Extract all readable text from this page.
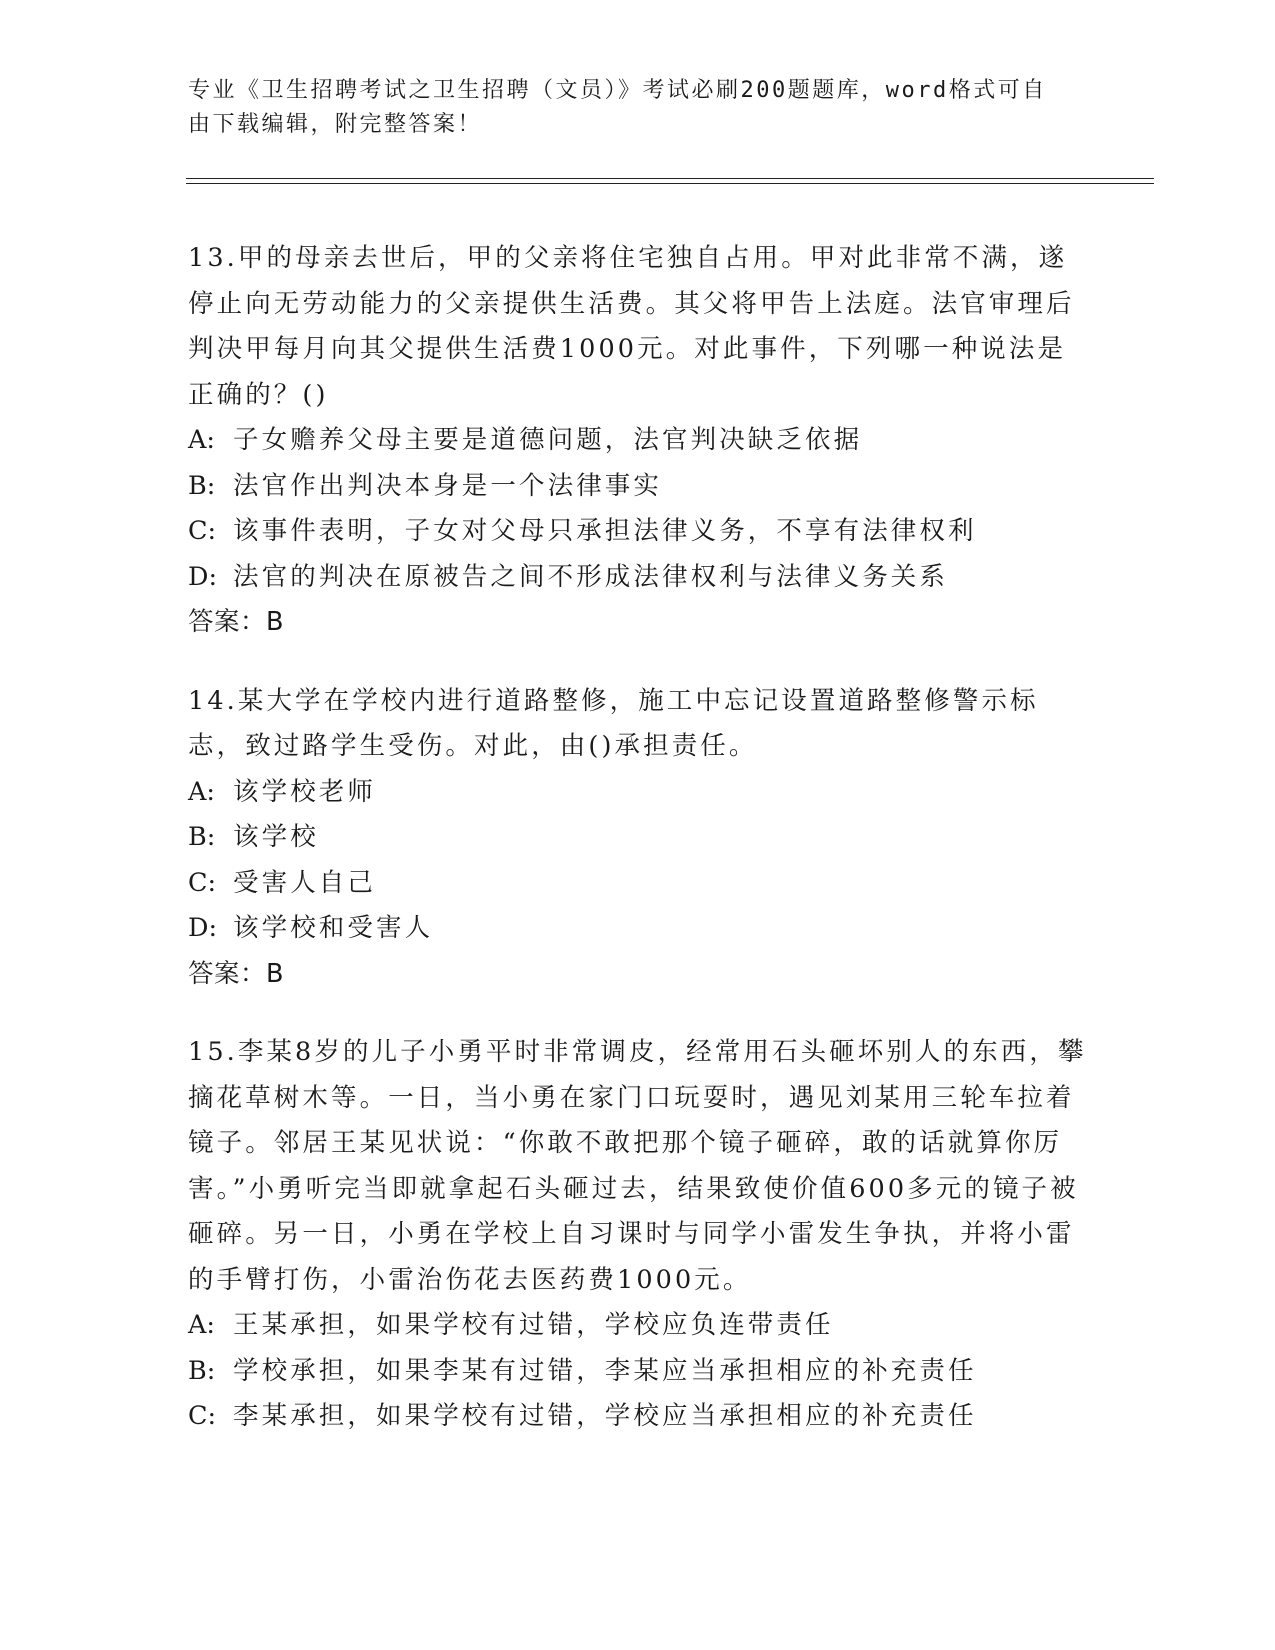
专业《卫生招聘考试之卫生招聘（文员）》考试必刷200题题库，word格式可自由下载编辑，附完整答案！

13.甲的母亲去世后，甲的父亲将住宅独自占用。甲对此非常不满，遂停止向无劳动能力的父亲提供生活费。其父将甲告上法庭。法官审理后判决甲每月向其父提供生活费1000元。对此事件，下列哪一种说法是正确的？()

A: 子女赡养父母主要是道德问题，法官判决缺乏依据

B: 法官作出判决本身是一个法律事实

C: 该事件表明，子女对父母只承担法律义务，不享有法律权利

D: 法官的判决在原被告之间不形成法律权利与法律义务关系

答案：B

14.某大学在学校内进行道路整修，施工中忘记设置道路整修警示标志，致过路学生受伤。对此，由()承担责任。

A: 该学校老师

B: 该学校

C: 受害人自己

D: 该学校和受害人

答案：B

15.李某8岁的儿子小勇平时非常调皮，经常用石头砸坏别人的东西，攀摘花草树木等。一日，当小勇在家门口玩耍时，遇见刘某用三轮车拉着镜子。邻居王某见状说：“你敢不敢把那个镜子砸碎，敢的话就算你厉害。”小勇听完当即就拿起石头砸过去，结果致使价值600多元的镜子被砸碎。另一日，小勇在学校上自习课时与同学小雷发生争执，并将小雷的手臂打伤，小雷治伤花去医药费1000元。

A: 王某承担，如果学校有过错，学校应负连带责任

B: 学校承担，如果李某有过错，李某应当承担相应的补充责任

C: 李某承担，如果学校有过错，学校应当承担相应的补充责任
